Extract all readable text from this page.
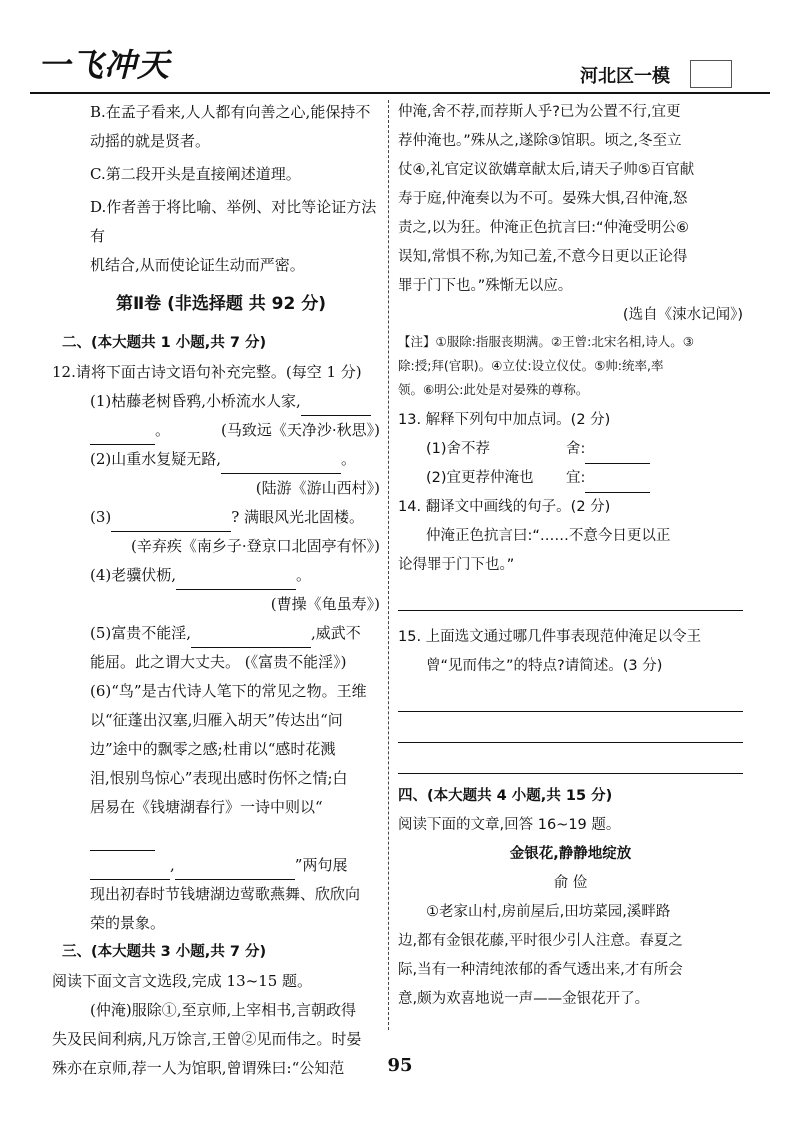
一飞冲天	河北区一模

B.在孟子看来,人人都有向善之心,能保持不

动摇的就是贤者。

C.第二段开头是直接阐述道理。

D.作者善于将比喻、举例、对比等论证方法有

机结合,从而使论证生动而严密。

第Ⅱ卷 (非选择题 共 92 分)

二、(本大题共 1 小题,共 7 分)

12.请将下面古诗文语句补充完整。(每空 1 分)

(1)枯藤老树昏鸦,小桥流水人家,

。	(马致远《天净沙·秋思》)

(2)山重水复疑无路,	。

(陆游《游山西村》)

(3)	? 满眼风光北固楼。

(辛弃疾《南乡子·登京口北固亭有怀》)

(4)老骥伏枥,	。

(曹操《龟虽寿》)

(5)富贵不能淫,	,威武不

能屈。此之谓大丈夫。 (《富贵不能淫》)

(6)“鸟”是古代诗人笔下的常见之物。王维

以“征蓬出汉塞,归雁入胡天”传达出“问

边”途中的飘零之感;杜甫以“感时花溅

泪,恨别鸟惊心”表现出感时伤怀之情;白

居易在《钱塘湖春行》一诗中则以“

,	”两句展

现出初春时节钱塘湖边莺歌燕舞、欣欣向

荣的景象。

三、(本大题共 3 小题,共 7 分)

阅读下面文言文选段,完成 13~15 题。

(仲淹)服除①,至京师,上宰相书,言朝政得

失及民间利病,凡万馀言,王曾②见而伟之。时晏

殊亦在京师,荐一人为馆职,曾谓殊曰:“公知范

仲淹,舍不荐,而荐斯人乎?已为公置不行,宜更

荐仲淹也。”殊从之,遂除③馆职。顷之,冬至立

仗④,礼官定议欲媾章献太后,请天子帅⑤百官献

寿于庭,仲淹奏以为不可。晏殊大惧,召仲淹,怒

责之,以为狂。仲淹正色抗言曰:“仲淹受明公⑥

误知,常惧不称,为知己羞,不意今日更以正论得

罪于门下也。”殊惭无以应。

(选自《涑水记闻》)

【注】①服除:指服丧期满。②王曾:北宋名相,诗人。③

除:授;拜(官职)。④立仗:设立仪仗。⑤帅:统率,率

领。⑥明公:此处是对晏殊的尊称。

13. 解释下列句中加点词。(2 分)

(1)舍不荐	舍:

(2)宜更荐仲淹也 宜:

14. 翻译文中画线的句子。(2 分)

仲淹正色抗言曰:“……不意今日更以正

论得罪于门下也。”

15. 上面选文通过哪几件事表现范仲淹足以令王

曾“见而伟之”的特点?请简述。(3 分)

四、(本大题共 4 小题,共 15 分)

阅读下面的文章,回答 16~19 题。

金银花,静静地绽放

俞 俭

①老家山村,房前屋后,田坊菜园,溪畔路

边,都有金银花藤,平时很少引人注意。春夏之

际,当有一种清纯浓郁的香气透出来,才有所会

意,颇为欢喜地说一声——金银花开了。

95
